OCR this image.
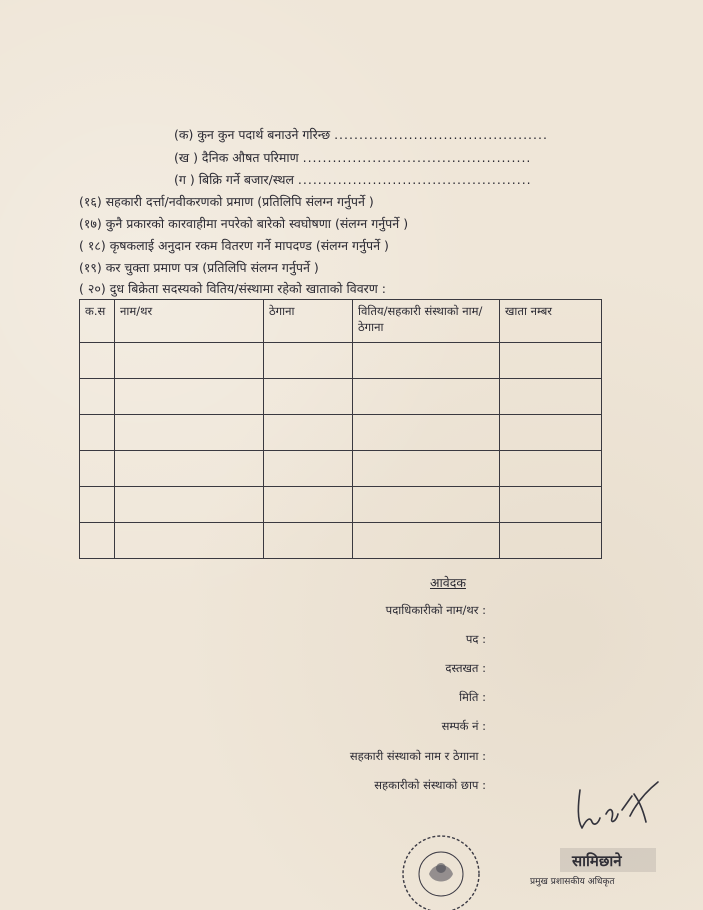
(क) कुन कुन पदार्थ बनाउने गरिन्छ ...........................................
(ख ) दैनिक औषत परिमाण ..............................................
(ग ) बिक्रि गर्ने बजार/स्थल ...............................................
(१६) सहकारी दर्त्ता/नवीकरणको प्रमाण (प्रतिलिपि संलग्न गर्नुपर्ने )
(१७) कुनै प्रकारको कारवाहीमा नपरेको बारेको स्वघोषणा (संलग्न गर्नुपर्ने )
( १८) कृषकलाई अनुदान रकम वितरण गर्ने मापदण्ड (संलग्न गर्नुपर्ने )
(१९) कर चुक्ता प्रमाण पत्र (प्रतिलिपि संलग्न गर्नुपर्ने )
( २०) दुध बिक्रेता सदस्यको वितिय/संस्थामा रहेको खाताको विवरण :
क.स	नाम/थर	ठेगाना	वितिय/सहकारी संस्थाको नाम/ठेगाना	खाता नम्बर

आवेदक
पदाधिकारीको नाम/थर :
पद :
दस्तखत :
मिति :
सम्पर्क नं :
सहकारी संस्थाको नाम र ठेगाना :
सहकारीको संस्थाको छाप :
सामिछाने
प्रमुख प्रशासकीय अधिकृत
